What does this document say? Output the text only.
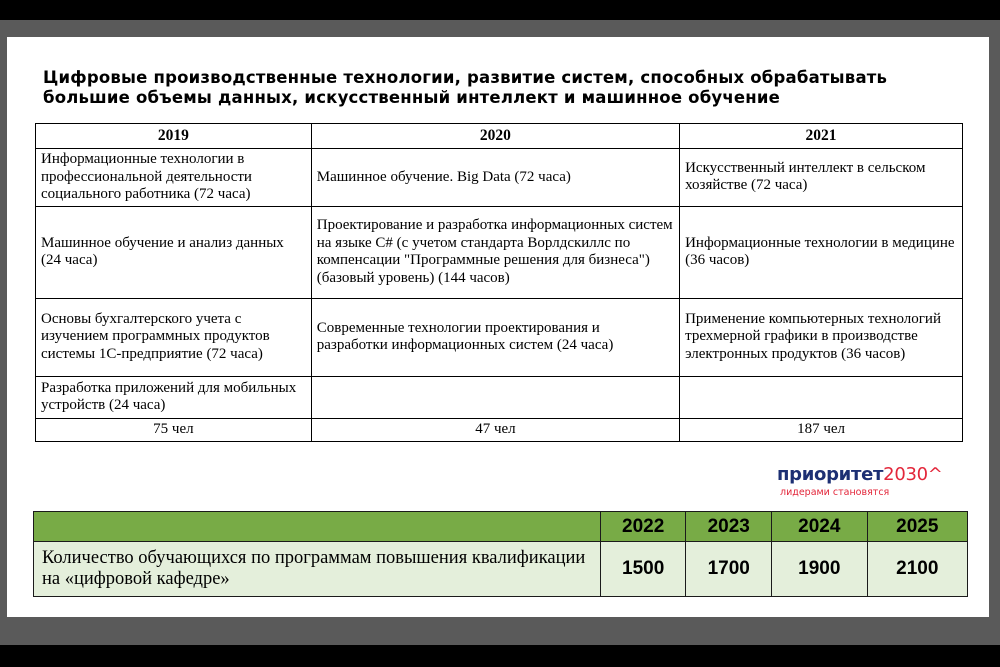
Цифровые производственные технологии, развитие систем, способных обрабатывать
большие объемы данных, искусственный интеллект и машинное обучение
2019	2020	2021
Информационные технологии в профессиональной деятельности социального работника (72 часа)	Машинное обучение. Big Data (72 часа)	Искусственный интеллект в сельском хозяйстве (72 часа)
Машинное обучение и анализ данных (24 часа)	Проектирование и разработка информационных систем на языке C# (с учетом стандарта Ворлдскиллс по компенсации "Программные решения для бизнеса") (базовый уровень) (144 часов)	Информационные технологии в медицине (36 часов)
Основы бухгалтерского учета с изучением программных продуктов системы 1С-предприятие (72 часа)	Современные технологии проектирования и разработки информационных систем (24 часа)	Применение компьютерных технологий трехмерной графики в производстве электронных продуктов (36 часов)
Разработка приложений для мобильных устройств (24 часа)		
75 чел	47 чел	187 чел
приоритет2030^
лидерами становятся
	2022	2023	2024	2025
Количество обучающихся по программам повышения квалификации на «цифровой кафедре»	1500	1700	1900	2100
